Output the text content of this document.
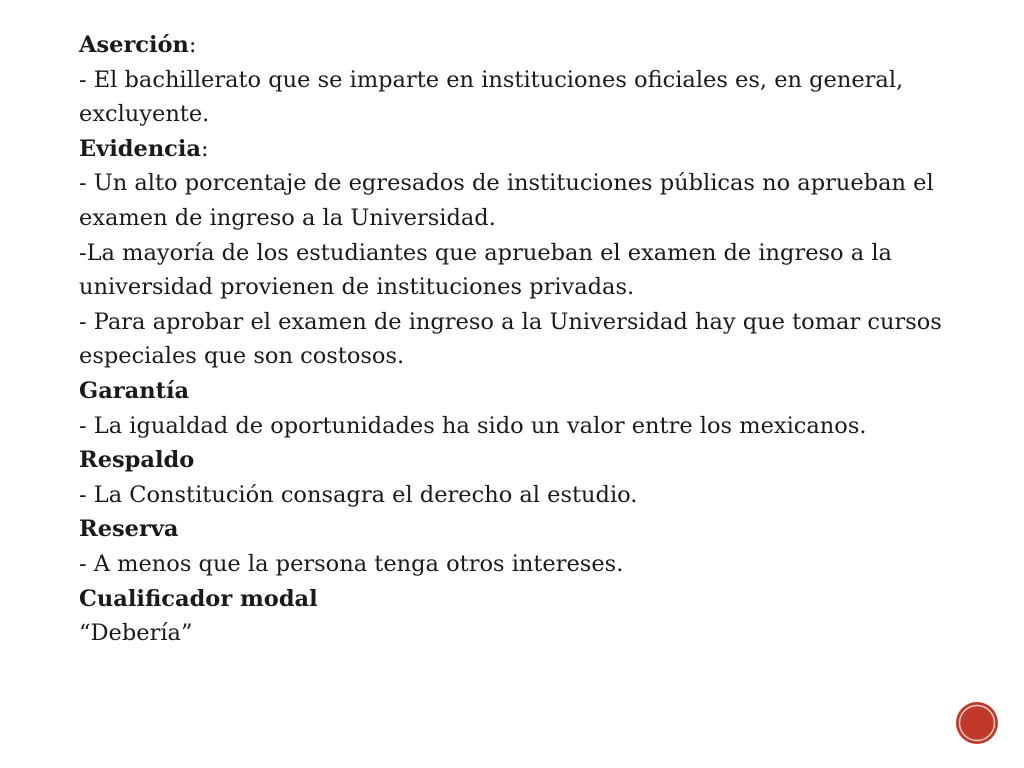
Aserción:
- El bachillerato que se imparte en instituciones oficiales es, en general, excluyente.
Evidencia:
- Un alto porcentaje de egresados de instituciones públicas no aprueban el examen de ingreso a la Universidad.
-La mayoría de los estudiantes que aprueban el examen de ingreso a la universidad provienen de instituciones privadas.
- Para aprobar el examen de ingreso a la Universidad hay que tomar cursos especiales que son costosos.
Garantía
- La igualdad de oportunidades ha sido un valor entre los mexicanos.
Respaldo
- La Constitución consagra el derecho al estudio.
Reserva
- A menos que la persona tenga otros intereses.
Cualificador modal
“Debería”
